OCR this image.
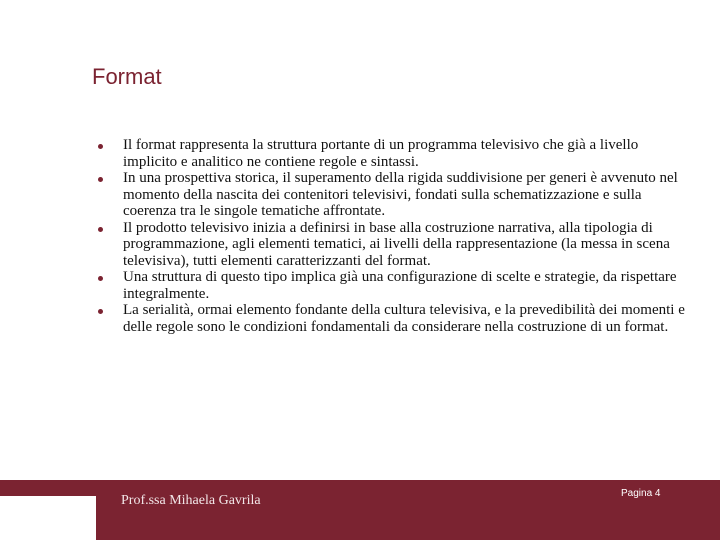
Format
Il format rappresenta la struttura portante di un programma televisivo che già a livello implicito e analitico ne contiene regole e sintassi.
In una prospettiva storica, il superamento della rigida suddivisione per generi è avvenuto nel momento della nascita dei contenitori televisivi, fondati sulla schematizzazione e sulla coerenza tra le singole tematiche affrontate.
Il prodotto televisivo inizia a definirsi in base alla costruzione narrativa, alla tipologia di programmazione, agli elementi tematici, ai livelli della rappresentazione (la messa in scena televisiva), tutti elementi caratterizzanti del format.
Una struttura di questo tipo implica già una configurazione di scelte e strategie, da rispettare integralmente.
La serialità, ormai elemento fondante della cultura televisiva, e la prevedibilità dei momenti e delle regole sono le condizioni fondamentali da considerare nella costruzione di un format.
Prof.ssa Mihaela Gavrila	Pagina 4
